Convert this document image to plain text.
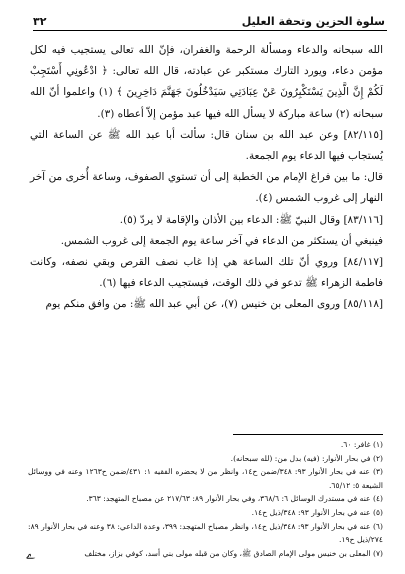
سلوة الحزين وتحفة العليل
٣٢

الله سبحانه والدعاء ومسألة الرحمة والغفران، فإنّ الله تعالى يستجيب فيه لكل مؤمن دعاء، ويورد التارك مستكبر عن عبادته، قال الله تعالى: ﴿ ادْعُونِي أَسْتَجِبْ لَكُمْ إِنَّ الَّذِينَ يَسْتَكْبِرُونَ عَنْ عِبَادَتِي سَيَدْخُلُونَ جَهَنَّمَ دَاخِرِينَ ﴾ (١) واعلموا أنّ الله سبحانه (٢) ساعة مباركة لا يسأل الله فيها عبد مؤمن إلاّ أعطاه (٣).

[٨٢/١١٥] وعن عبد الله بن سنان قال: سألت أبا عبد الله ﷺ عن الساعة التي يُستجاب فيها الدعاء يوم الجمعة.

قال: ما بين فراغ الإمام من الخطبة إلى أن تستوي الصفوف، وساعة أُخرى من آخر النهار إلى غروب الشمس (٤).

[٨٣/١١٦] وقال النبيّ ﷺ: الدعاء بين الأذان والإقامة لا يردّ (٥).

فينبغي أن يستكثر من الدعاء في آخر ساعة يوم الجمعة إلى غروب الشمس.

[٨٤/١١٧] وروي أنّ تلك الساعة هي إذا غاب نصف القرص وبقي نصفه، وكانت فاطمة الزهراء ﷺ تدعو في ذلك الوقت، فيستجيب الدعاء فيها (٦).

[٨٥/١١٨] وروى المعلى بن خنيس (٧)، عن أبي عبد الله ﷺ: من وافق منكم يوم

(١) غافر: ٦٠.

(٢) في بحار الأنوار: (فيه) بدل من: (لله سبحانه).

(٣) عنه في بحار الأنوار ٩٣: ٣٤٨/ضمن ح١٤، وانظر من لا يحضره الفقيه ١: ٤٣١/ضمن ح١٢٦٣ وعنه في ووسائل الشيعة ٥: ٦٥/١٢.

(٤) عنه في مستدرك الوسائل ٦: ٣٦٨/٦، وفي بحار الأنوار ٨٩: ٢١٧/٦٣ عن مصباح المتهجد: ٣٦٣.

(٥) عنه في بحار الأنوار ٩٣: ٣٤٨/ذيل ح١٤.

(٦) عنه في بحار الأنوار ٩٣: ٣٤٨/ذيل ح١٤، وانظر مصباح المتهجد: ٣٩٩، وعدة الداعي: ٣٨ وعنه في بحار الأنوار ٨٩: ٢٧٤/ذيل ح١٩.

(٧) المعلى بن خنيس مولى الإمام الصادق ﷺ، وكان من قبله مولى بني أسد، كوفي بزاز، مختلف

ﮮ
